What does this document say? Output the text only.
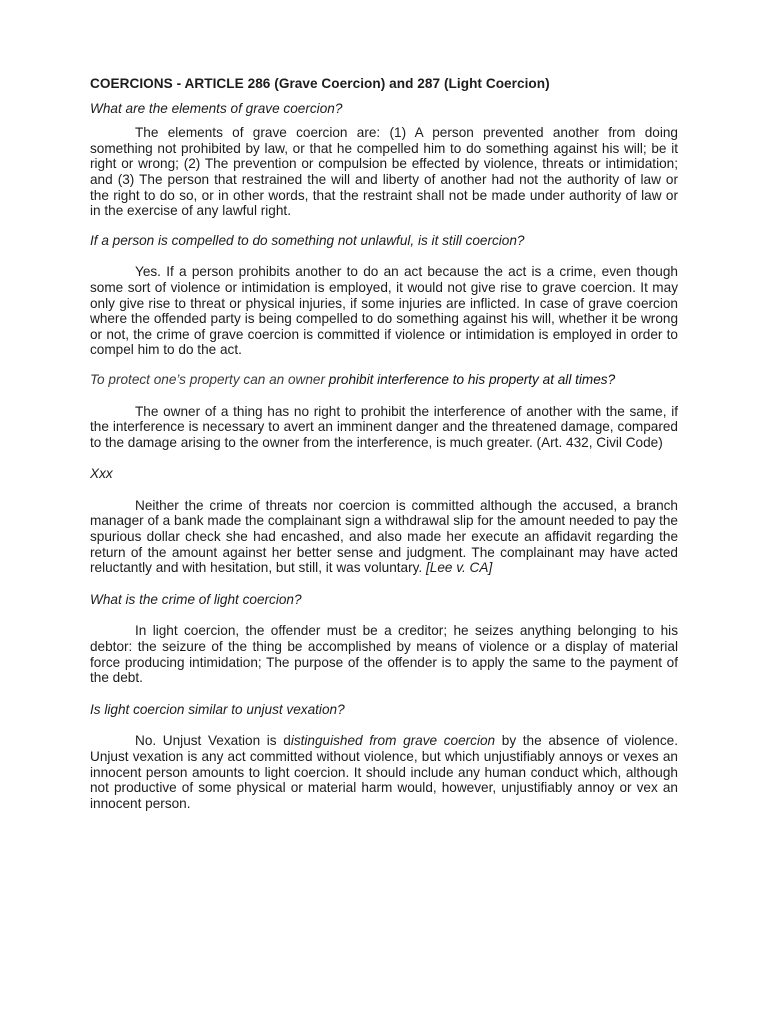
COERCIONS - ARTICLE 286 (Grave Coercion) and 287 (Light Coercion)
What are the elements of grave coercion?
The elements of grave coercion are: (1) A person prevented another from doing something not prohibited by law, or that he compelled him to do something against his will; be it right or wrong; (2) The prevention or compulsion be effected by violence, threats or intimidation; and (3) The person that restrained the will and liberty of another had not the authority of law or the right to do so, or in other words, that the restraint shall not be made under authority of law or in the exercise of any lawful right.
If a person is compelled to do something not unlawful, is it still coercion?
Yes. If a person prohibits another to do an act because the act is a crime, even though some sort of violence or intimidation is employed, it would not give rise to grave coercion. It may only give rise to threat or physical injuries, if some injuries are inflicted. In case of grave coercion where the offended party is being compelled to do something against his will, whether it be wrong or not, the crime of grave coercion is committed if violence or intimidation is employed in order to compel him to do the act.
To protect one’s property can an owner prohibit interference to his property at all times?
The owner of a thing has no right to prohibit the interference of another with the same, if the interference is necessary to avert an imminent danger and the threatened damage, compared to the damage arising to the owner from the interference, is much greater. (Art. 432, Civil Code)
Xxx
Neither the crime of threats nor coercion is committed although the accused, a branch manager of a bank made the complainant sign a withdrawal slip for the amount needed to pay the spurious dollar check she had encashed, and also made her execute an affidavit regarding the return of the amount against her better sense and judgment. The complainant may have acted reluctantly and with hesitation, but still, it was voluntary. [Lee v. CA]
What is the crime of light coercion?
In light coercion, the offender must be a creditor; he seizes anything belonging to his debtor: the seizure of the thing be accomplished by means of violence or a display of material force producing intimidation; The purpose of the offender is to apply the same to the payment of the debt.
Is light coercion similar to unjust vexation?
No. Unjust Vexation is distinguished from grave coercion by the absence of violence. Unjust vexation is any act committed without violence, but which unjustifiably annoys or vexes an innocent person amounts to light coercion. It should include any human conduct which, although not productive of some physical or material harm would, however, unjustifiably annoy or vex an innocent person.
